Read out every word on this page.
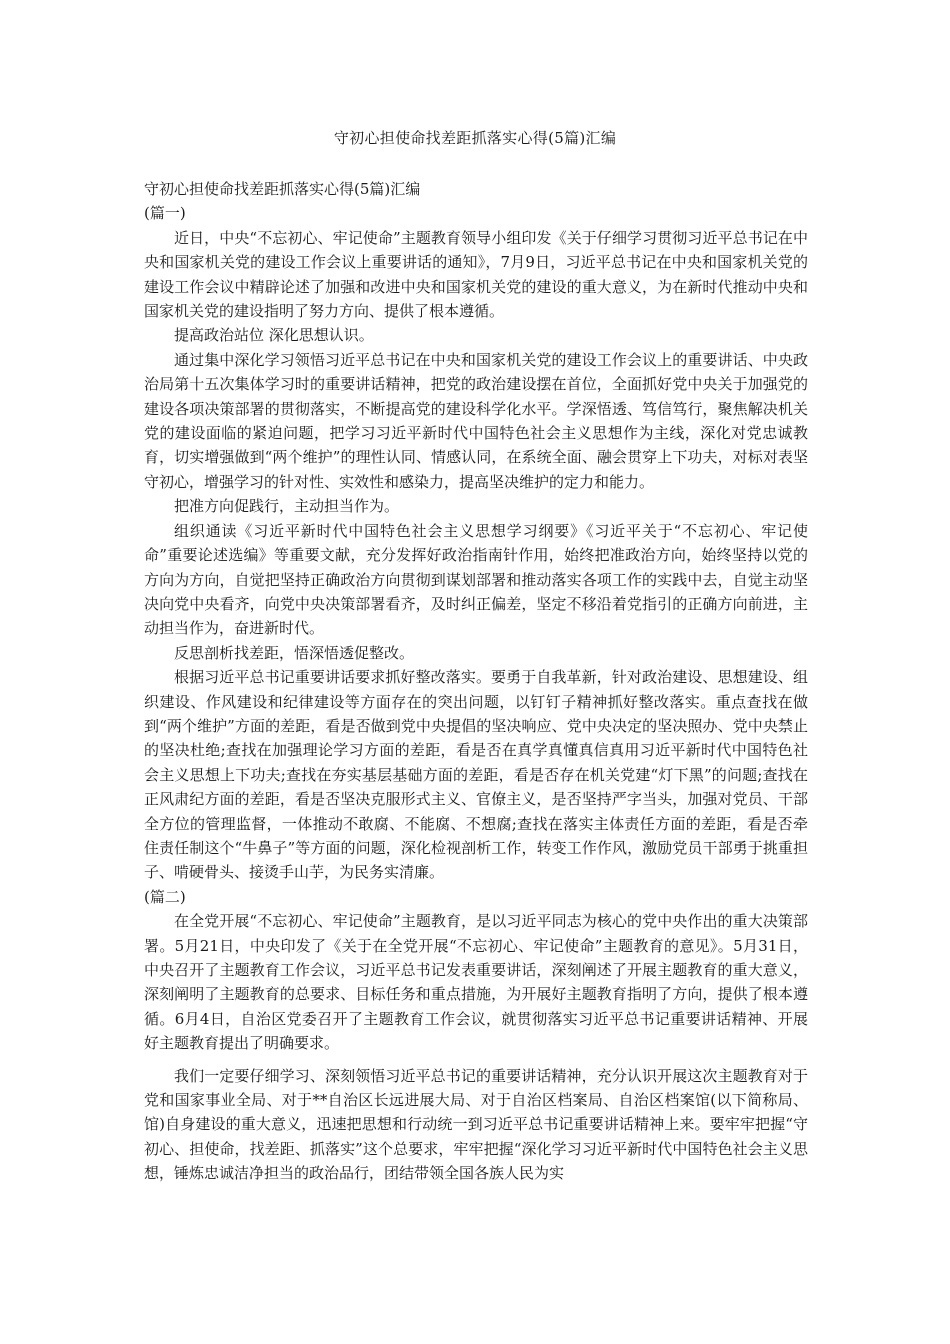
守初心担使命找差距抓落实心得(5篇)汇编

守初心担使命找差距抓落实心得(5篇)汇编

(篇一)

近日，中央“不忘初心、牢记使命”主题教育领导小组印发《关于仔细学习贯彻习近平总书记在中央和国家机关党的建设工作会议上重要讲话的通知》，7月9日，习近平总书记在中央和国家机关党的建设工作会议中精辟论述了加强和改进中央和国家机关党的建设的重大意义，为在新时代推动中央和国家机关党的建设指明了努力方向、提供了根本遵循。

提高政治站位 深化思想认识。

通过集中深化学习领悟习近平总书记在中央和国家机关党的建设工作会议上的重要讲话、中央政治局第十五次集体学习时的重要讲话精神，把党的政治建设摆在首位，全面抓好党中央关于加强党的建设各项决策部署的贯彻落实，不断提高党的建设科学化水平。学深悟透、笃信笃行，聚焦解决机关党的建设面临的紧迫问题，把学习习近平新时代中国特色社会主义思想作为主线，深化对党忠诚教育，切实增强做到“两个维护”的理性认同、情感认同，在系统全面、融会贯穿上下功夫，对标对表坚守初心，增强学习的针对性、实效性和感染力，提高坚决维护的定力和能力。

把准方向促践行，主动担当作为。

组织通读《习近平新时代中国特色社会主义思想学习纲要》《习近平关于“不忘初心、牢记使命”重要论述选编》等重要文献，充分发挥好政治指南针作用，始终把准政治方向，始终坚持以党的方向为方向，自觉把坚持正确政治方向贯彻到谋划部署和推动落实各项工作的实践中去，自觉主动坚决向党中央看齐，向党中央决策部署看齐，及时纠正偏差，坚定不移沿着党指引的正确方向前进，主动担当作为，奋进新时代。

反思剖析找差距，悟深悟透促整改。

根据习近平总书记重要讲话要求抓好整改落实。要勇于自我革新，针对政治建设、思想建设、组织建设、作风建设和纪律建设等方面存在的突出问题，以钉钉子精神抓好整改落实。重点查找在做到“两个维护”方面的差距，看是否做到党中央提倡的坚决响应、党中央决定的坚决照办、党中央禁止的坚决杜绝;查找在加强理论学习方面的差距，看是否在真学真懂真信真用习近平新时代中国特色社会主义思想上下功夫;查找在夯实基层基础方面的差距，看是否存在机关党建“灯下黑”的问题;查找在正风肃纪方面的差距，看是否坚决克服形式主义、官僚主义，是否坚持严字当头，加强对党员、干部全方位的管理监督，一体推动不敢腐、不能腐、不想腐;查找在落实主体责任方面的差距，看是否牵住责任制这个“牛鼻子”等方面的问题，深化检视剖析工作，转变工作作风，激励党员干部勇于挑重担子、啃硬骨头、接烫手山芋，为民务实清廉。

(篇二)

在全党开展“不忘初心、牢记使命”主题教育，是以习近平同志为核心的党中央作出的重大决策部署。5月21日，中央印发了《关于在全党开展“不忘初心、牢记使命”主题教育的意见》。5月31日，中央召开了主题教育工作会议，习近平总书记发表重要讲话，深刻阐述了开展主题教育的重大意义，深刻阐明了主题教育的总要求、目标任务和重点措施，为开展好主题教育指明了方向，提供了根本遵循。6月4日，自治区党委召开了主题教育工作会议，就贯彻落实习近平总书记重要讲话精神、开展好主题教育提出了明确要求。

我们一定要仔细学习、深刻领悟习近平总书记的重要讲话精神，充分认识开展这次主题教育对于党和国家事业全局、对于**自治区长远进展大局、对于自治区档案局、自治区档案馆(以下简称局、馆)自身建设的重大意义，迅速把思想和行动统一到习近平总书记重要讲话精神上来。要牢牢把握“守初心、担使命，找差距、抓落实”这个总要求，牢牢把握“深化学习习近平新时代中国特色社会主义思想，锤炼忠诚洁净担当的政治品行，团结带领全国各族人民为实
